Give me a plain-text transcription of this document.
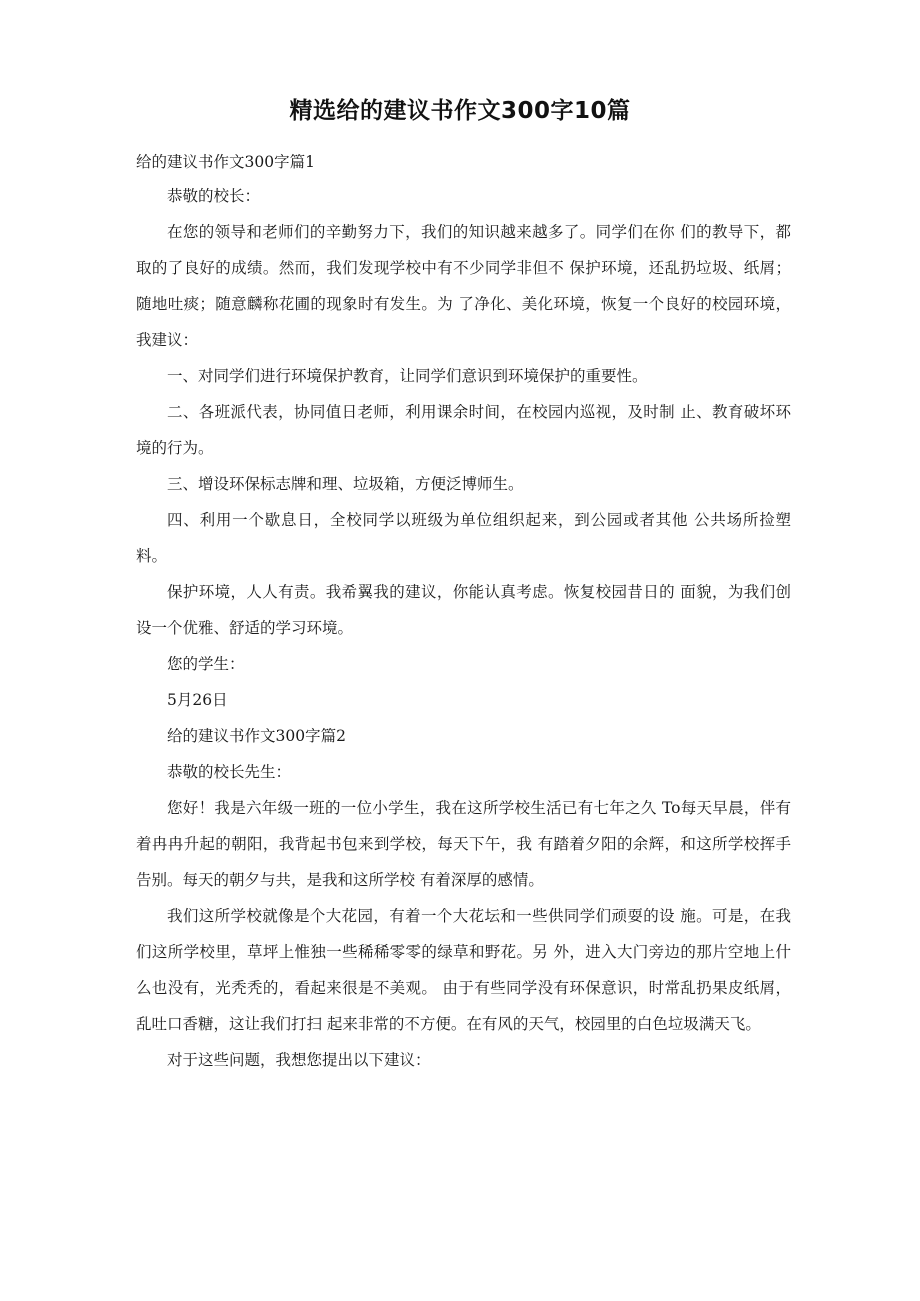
精选给的建议书作文300字10篇
给的建议书作文300字篇1

恭敬的校长：

在您的领导和老师们的辛勤努力下，我们的知识越来越多了。同学们在你 们的教导下，都取的了良好的成绩。然而，我们发现学校中有不少同学非但不 保护环境，还乱扔垃圾、纸屑；随地吐痰；随意麟称花圃的现象时有发生。为 了净化、美化环境，恢复一个良好的校园环境，我建议：

一、对同学们进行环境保护教育，让同学们意识到环境保护的重要性。

二、各班派代表，协同值日老师，利用课余时间，在校园内巡视，及时制 止、教育破坏环境的行为。

三、增设环保标志牌和理、垃圾箱，方便泛博师生。

四、利用一个歇息日，全校同学以班级为单位组织起来，到公园或者其他 公共场所捡塑料。

保护环境，人人有责。我希翼我的建议，你能认真考虑。恢复校园昔日的 面貌，为我们创设一个优雅、舒适的学习环境。

您的学生：

5月26日

给的建议书作文300字篇2

恭敬的校长先生：

您好！我是六年级一班的一位小学生，我在这所学校生活已有七年之久 To每天早晨，伴有着冉冉升起的朝阳，我背起书包来到学校，每天下午，我 有踏着夕阳的余辉，和这所学校挥手告别。每天的朝夕与共，是我和这所学校 有着深厚的感情。

我们这所学校就像是个大花园，有着一个大花坛和一些供同学们顽耍的设 施。可是，在我们这所学校里，草坪上惟独一些稀稀零零的绿草和野花。另 外，进入大门旁边的那片空地上什么也没有，光秃秃的，看起来很是不美观。 由于有些同学没有环保意识，时常乱扔果皮纸屑，乱吐口香糖，这让我们打扫 起来非常的不方便。在有风的天气，校园里的白色垃圾满天飞。

对于这些问题，我想您提出以下建议：
